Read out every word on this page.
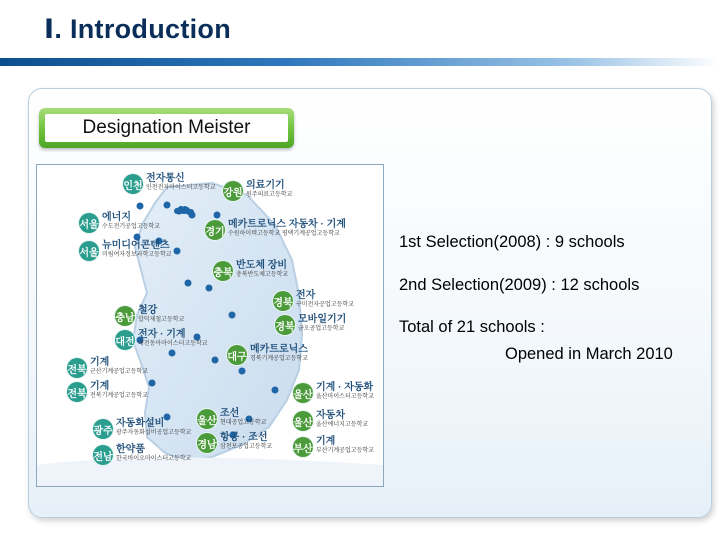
Ⅰ. Introduction
Designation Meister
인천
전자통신
인천전자마이스터고등학교 강원
의료기기
원주의료고등학교
서울
에너지
수도전기공업고등학교	경기
메카트로닉스 자동차 · 기계
수원하이텍고등학교 평택기계공업고등학교
서울
뉴미디어콘텐츠
미림여자정보과학고등학교
충북
반도체 장비
충북반도체고등학교
경북
전자
구미전자공업고등학교
충남
철강
합덕제철고등학교
경북
모바일기기
금오공업고등학교
대전
전자 · 기계
대전동아마이스터고등학교
대구
메카트로닉스
경북기계공업고등학교
전북
기계
군산기계공업고등학교
울산
기계 · 자동화
울산마이스터고등학교
전북
기계
전북기계공업고등학교
광주
자동화설비
광주자동화설비공업고등학교
울산
조선
현대공업고등학교	울산
자동차
울산에너지고등학교
경남
항공 · 조선
삼천포공업고등학교
전남
한약품
한국바이오마이스터고등학교
부산
기계
부산기계공업고등학교
1st Selection(2008) : 9 schools
2nd Selection(2009) : 12 schools
Total of 21 schools :
Opened in March 2010
